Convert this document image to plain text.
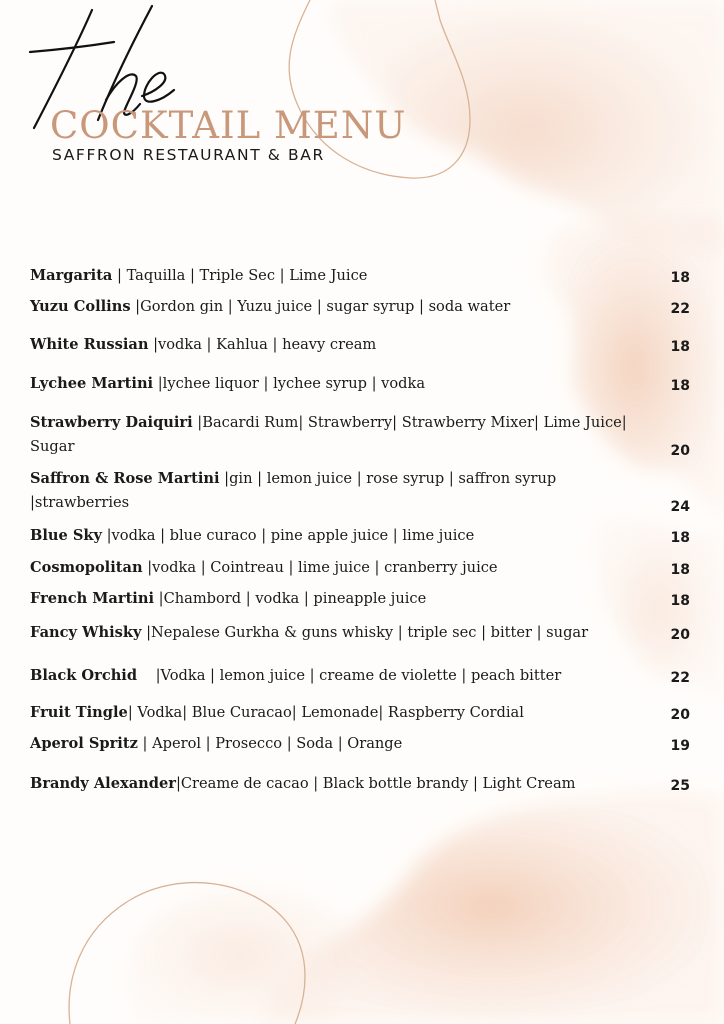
COCKTAIL MENU
SAFFRON RESTAURANT & BAR
Margarita | Taquilla | Triple Sec | Lime Juice	18
Yuzu Collins |Gordon gin | Yuzu juice | sugar syrup | soda water	22
White Russian |vodka | Kahlua | heavy cream	18
Lychee Martini |lychee liquor | lychee syrup | vodka	18
Strawberry Daiquiri |Bacardi Rum| Strawberry| Strawberry Mixer| Lime Juice| Sugar	20
Saffron & Rose Martini |gin | lemon juice | rose syrup | saffron syrup |strawberries	24
Blue Sky |vodka | blue curaco | pine apple juice | lime juice	18
Cosmopolitan |vodka | Cointreau | lime juice | cranberry juice	18
French Martini |Chambord | vodka | pineapple juice	18
Fancy Whisky |Nepalese Gurkha & guns whisky | triple sec | bitter | sugar	20
Black Orchid    |Vodka | lemon juice | creame de violette | peach bitter	22
Fruit Tingle| Vodka| Blue Curacao| Lemonade| Raspberry Cordial	20
Aperol Spritz | Aperol | Prosecco | Soda | Orange	19
Brandy Alexander|Creame de cacao | Black bottle brandy | Light Cream	25
